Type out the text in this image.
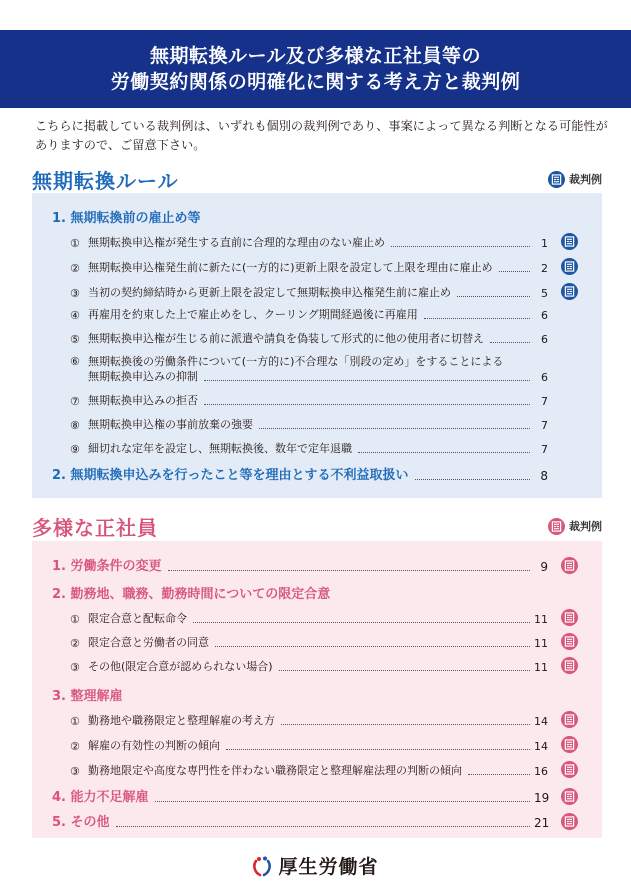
無期転換ルール及び多様な正社員等の
労働契約関係の明確化に関する考え方と裁判例
こちらに掲載している裁判例は、いずれも個別の裁判例であり、事案によって異なる判断となる可能性がありますので、ご留意下さい。
無期転換ルール	裁判例
1. 無期転換前の雇止め等
① 無期転換申込権が発生する直前に合理的な理由のない雇止め	1
② 無期転換申込権発生前に新たに(一方的に)更新上限を設定して上限を理由に雇止め	2
③ 当初の契約締結時から更新上限を設定して無期転換申込権発生前に雇止め	5
④ 再雇用を約束した上で雇止めをし、クーリング期間経過後に再雇用	6
⑤ 無期転換申込権が生じる前に派遣や請負を偽装して形式的に他の使用者に切替え	6
⑥ 無期転換後の労働条件について(一方的に)不合理な「別段の定め」をすることによる
無期転換申込みの抑制	6
⑦ 無期転換申込みの拒否	7
⑧ 無期転換申込権の事前放棄の強要	7
⑨ 細切れな定年を設定し、無期転換後、数年で定年退職	7
2. 無期転換申込みを行ったこと等を理由とする不利益取扱い	8
多様な正社員	裁判例
1. 労働条件の変更	9
2. 勤務地、職務、勤務時間についての限定合意
① 限定合意と配転命令	11
② 限定合意と労働者の同意	11
③ その他(限定合意が認められない場合)	11
3. 整理解雇
① 勤務地や職務限定と整理解雇の考え方	14
② 解雇の有効性の判断の傾向	14
③ 勤務地限定や高度な専門性を伴わない職務限定と整理解雇法理の判断の傾向	16
4. 能力不足解雇	19
5. その他	21
厚生労働省
